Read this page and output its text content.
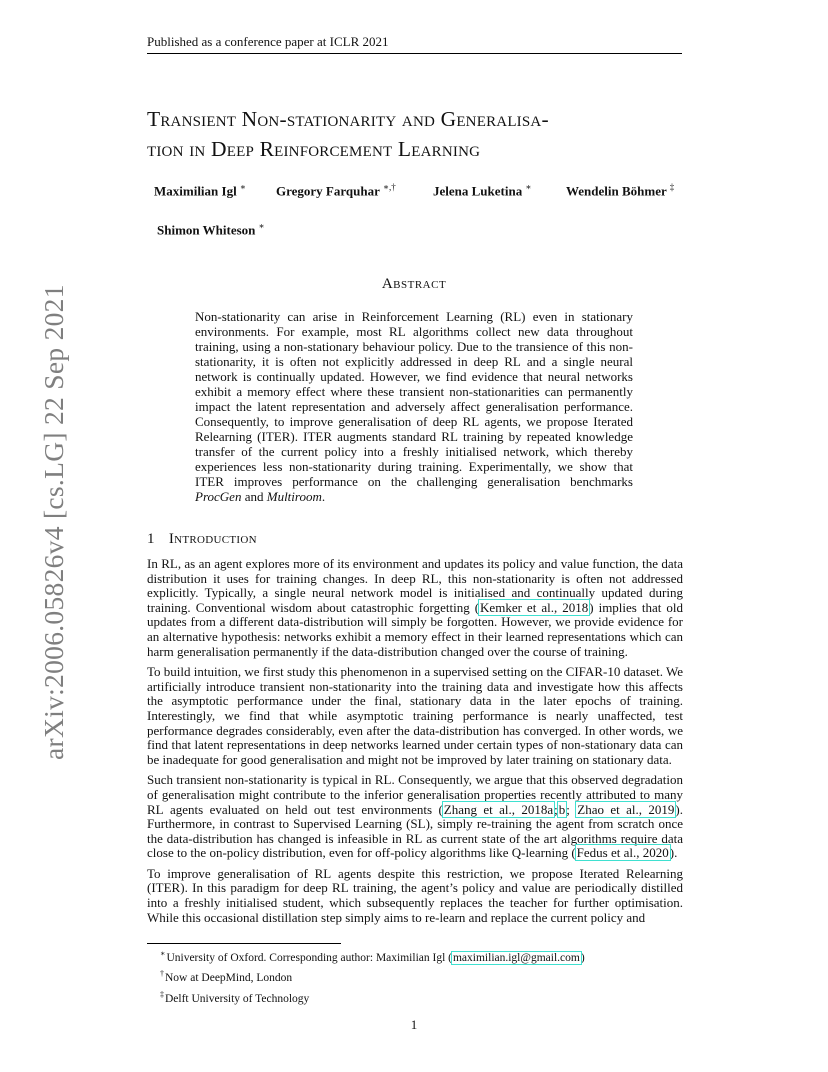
Published as a conference paper at ICLR 2021
arXiv:2006.05826v4 [cs.LG] 22 Sep 2021
Transient Non-stationarity and Generalisa-
tion in Deep Reinforcement Learning
Maximilian Igl ∗ Gregory Farquhar ∗,†	Jelena Luketina ∗	Wendelin Böhmer ‡
Shimon Whiteson ∗
Abstract
Non-stationarity can arise in Reinforcement Learning (RL) even in stationary environments. For example, most RL algorithms collect new data throughout training, using a non-stationary behaviour policy. Due to the transience of this non-stationarity, it is often not explicitly addressed in deep RL and a single neural network is continually updated. However, we find evidence that neural networks exhibit a memory effect where these transient non-stationarities can permanently impact the latent representation and adversely affect generalisation performance. Consequently, to improve generalisation of deep RL agents, we propose Iterated Relearning (ITER). ITER augments standard RL training by repeated knowledge transfer of the current policy into a freshly initialised network, which thereby experiences less non-stationarity during training. Experimentally, we show that ITER improves performance on the challenging generalisation benchmarks ProcGen and Multiroom.
1 Introduction

In RL, as an agent explores more of its environment and updates its policy and value function, the data distribution it uses for training changes. In deep RL, this non-stationarity is often not addressed explicitly. Typically, a single neural network model is initialised and continually updated during training. Conventional wisdom about catastrophic forgetting (Kemker et al., 2018) implies that old updates from a different data-distribution will simply be forgotten. However, we provide evidence for an alternative hypothesis: networks exhibit a memory effect in their learned representations which can harm generalisation permanently if the data-distribution changed over the course of training.

To build intuition, we first study this phenomenon in a supervised setting on the CIFAR-10 dataset. We artificially introduce transient non-stationarity into the training data and investigate how this affects the asymptotic performance under the final, stationary data in the later epochs of training. Interestingly, we find that while asymptotic training performance is nearly unaffected, test performance degrades considerably, even after the data-distribution has converged. In other words, we find that latent representations in deep networks learned under certain types of non-stationary data can be inadequate for good generalisation and might not be improved by later training on stationary data.

Such transient non-stationarity is typical in RL. Consequently, we argue that this observed degradation of generalisation might contribute to the inferior generalisation properties recently attributed to many RL agents evaluated on held out test environments (Zhang et al., 2018a;b; Zhao et al., 2019). Furthermore, in contrast to Supervised Learning (SL), simply re-training the agent from scratch once the data-distribution has changed is infeasible in RL as current state of the art algorithms require data close to the on-policy distribution, even for off-policy algorithms like Q-learning (Fedus et al., 2020).

To improve generalisation of RL agents despite this restriction, we propose Iterated Relearning (ITER). In this paradigm for deep RL training, the agent’s policy and value are periodically distilled into a freshly initialised student, which subsequently replaces the teacher for further optimisation. While this occasional distillation step simply aims to re-learn and replace the current policy and

∗University of Oxford. Corresponding author: Maximilian Igl (maximilian.igl@gmail.com)
†Now at DeepMind, London
‡Delft University of Technology
1
